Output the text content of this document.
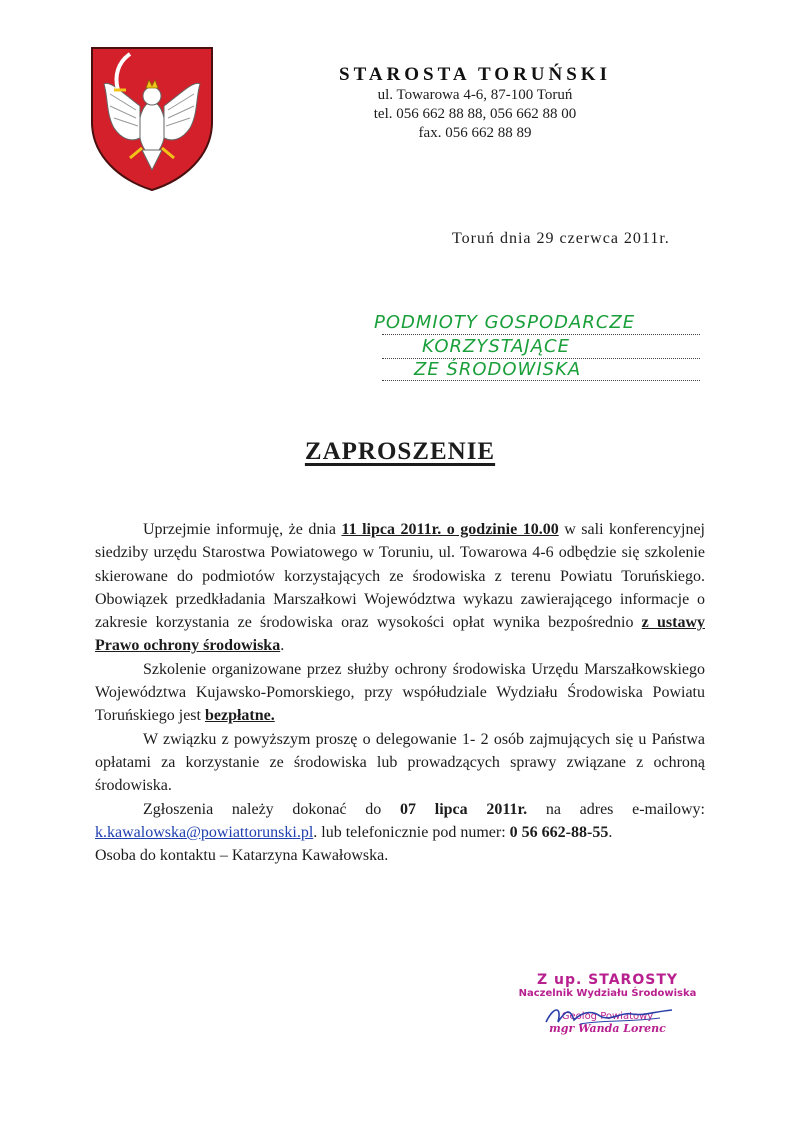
STAROSTA TORUŃSKI
ul. Towarowa 4-6, 87-100 Toruń
tel. 056 662 88 88, 056 662 88 00
fax. 056 662 88 89
Toruń dnia 29 czerwca 2011r.
PODMIOTY GOSPODARCZE
KORZYSTAJĄCE
ZE ŚRODOWISKA
ZAPROSZENIE

Uprzejmie informuję, że dnia 11 lipca 2011r. o godzinie 10.00 w sali konferencyjnej siedziby urzędu Starostwa Powiatowego w Toruniu, ul. Towarowa 4-6 odbędzie się szkolenie skierowane do podmiotów korzystających ze środowiska z terenu Powiatu Toruńskiego. Obowiązek przedkładania Marszałkowi Województwa wykazu zawierającego informacje o zakresie korzystania ze środowiska oraz wysokości opłat wynika bezpośrednio z ustawy Prawo ochrony środowiska.

Szkolenie organizowane przez służby ochrony środowiska Urzędu Marszałkowskiego Województwa Kujawsko-Pomorskiego, przy współudziale Wydziału Środowiska Powiatu Toruńskiego jest bezpłatne.

W związku z powyższym proszę o delegowanie 1- 2 osób zajmujących się u Państwa opłatami za korzystanie ze środowiska lub prowadzących sprawy związane z ochroną środowiska.

Zgłoszenia należy dokonać do 07 lipca 2011r. na adres e-mailowy:

k.kawalowska@powiattorunski.pl. lub telefonicznie pod numer: 0 56 662-88-55.

Osoba do kontaktu – Katarzyna Kawałowska.

Z up. STAROSTY
Naczelnik Wydziału Środowiska
Geolog Powiatowy
mgr Wanda Lorenc
